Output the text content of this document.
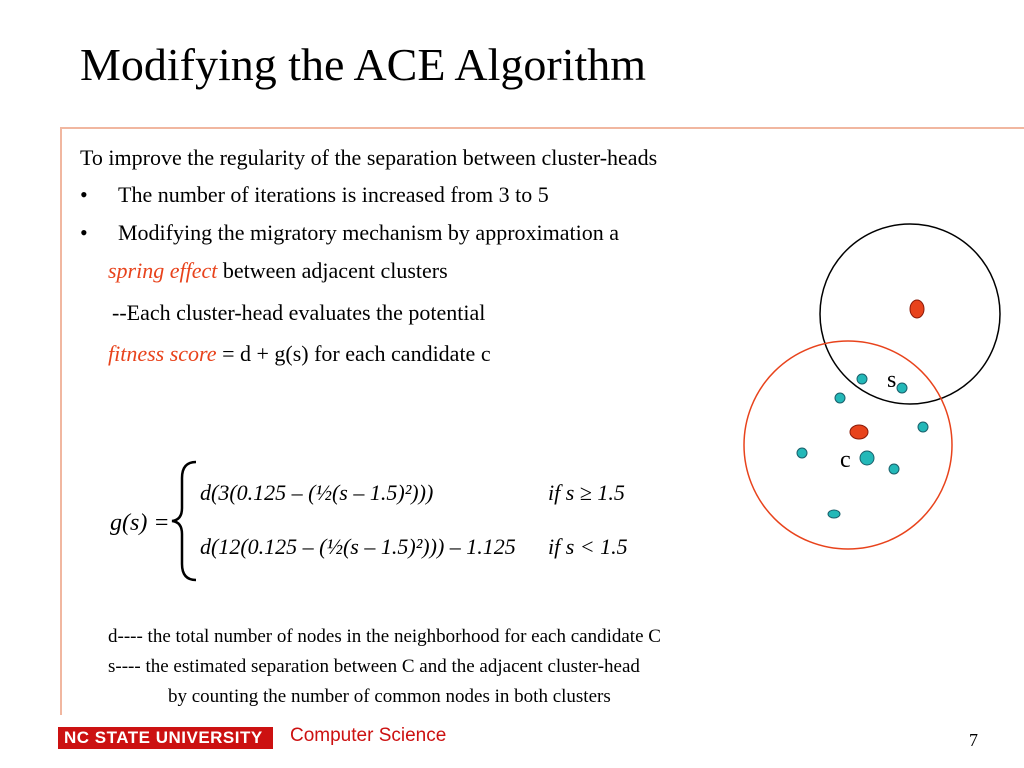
Modifying the ACE Algorithm
To improve the regularity of the separation between cluster-heads
• The number of iterations is increased from 3 to 5
• Modifying the migratory mechanism by approximation a
spring effect between adjacent clusters
--Each cluster-head evaluates the potential
fitness score = d + g(s) for each candidate c
g(s) =
d(3(0.125 – (½(s – 1.5)²)))	if s ≥ 1.5
d(12(0.125 – (½(s – 1.5)²))) – 1.125 if s < 1.5
d---- the total number of nodes in the neighborhood for each candidate C
s---- the estimated separation between C and the adjacent cluster-head
by counting the number of common nodes in both clusters
s
c
NC STATE UNIVERSITY	Computer Science	7
